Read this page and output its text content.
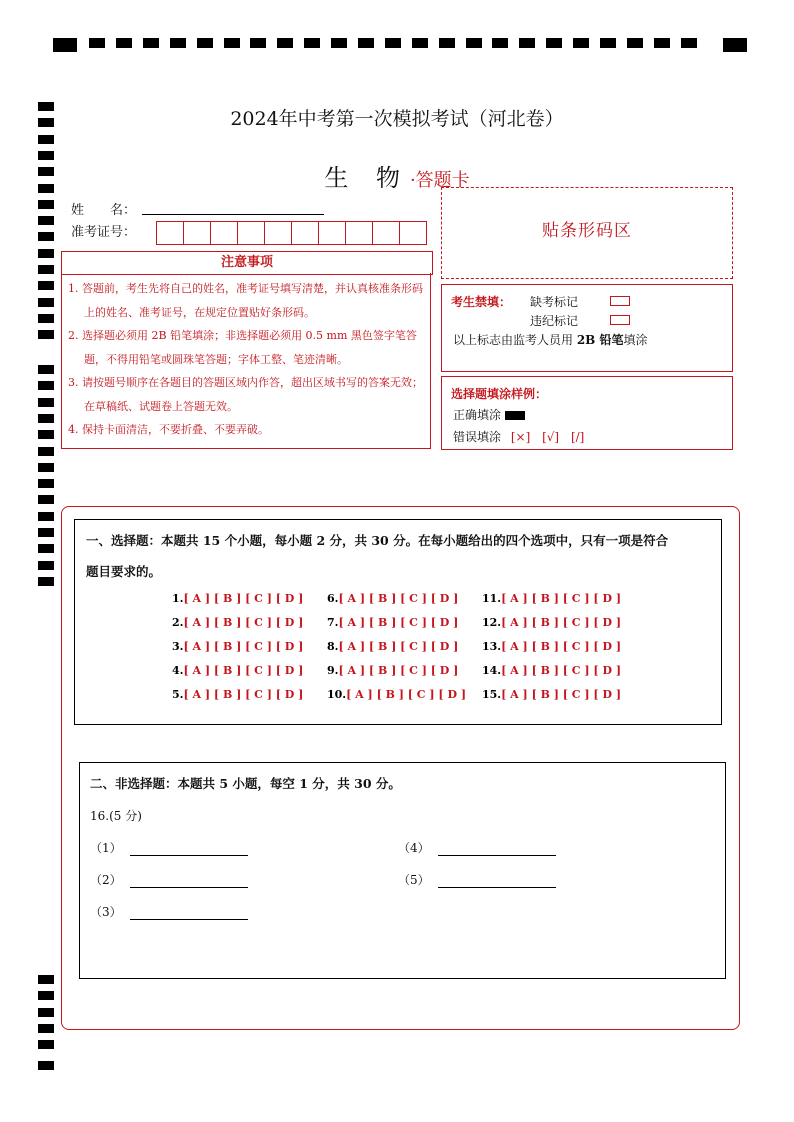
2024年中考第一次模拟考试（河北卷）
生 物·答题卡
姓　　名：
准考证号：
注意事项
1. 答题前，考生先将自己的姓名，准考证号填写清楚，并认真核准条形码上的姓名、准考证号，在规定位置贴好条形码。
2. 选择题必须用 2B 铅笔填涂；非选择题必须用 0.5 mm 黑色签字笔答题，不得用铅笔或圆珠笔答题；字体工整、笔迹清晰。
3. 请按题号顺序在各题目的答题区域内作答，超出区域书写的答案无效；在草稿纸、试题卷上答题无效。
4. 保持卡面清洁，不要折叠、不要弄破。
贴条形码区
考生禁填： 缺考标记
违纪标记
以上标志由监考人员用 2B 铅笔填涂
选择题填涂样例：
正确填涂
错误填涂 [×] [√] [/]
一、选择题：本题共 15 个小题，每小题 2 分，共 30 分。在每小题给出的四个选项中，只有一项是符合
题目要求的。
1.[ A ] [ B ] [ C ] [ D ]
2.[ A ] [ B ] [ C ] [ D ]
3.[ A ] [ B ] [ C ] [ D ]
4.[ A ] [ B ] [ C ] [ D ]
5.[ A ] [ B ] [ C ] [ D ]
6.[ A ] [ B ] [ C ] [ D ]
7.[ A ] [ B ] [ C ] [ D ]
8.[ A ] [ B ] [ C ] [ D ]
9.[ A ] [ B ] [ C ] [ D ]
10.[ A ] [ B ] [ C ] [ D ]
11.[ A ] [ B ] [ C ] [ D ]
12.[ A ] [ B ] [ C ] [ D ]
13.[ A ] [ B ] [ C ] [ D ]
14.[ A ] [ B ] [ C ] [ D ]
15.[ A ] [ B ] [ C ] [ D ]
二、非选择题：本题共 5 小题，每空 1 分，共 30 分。
16.(5 分)
（1）
（2）
（3）
（4）
（5）
